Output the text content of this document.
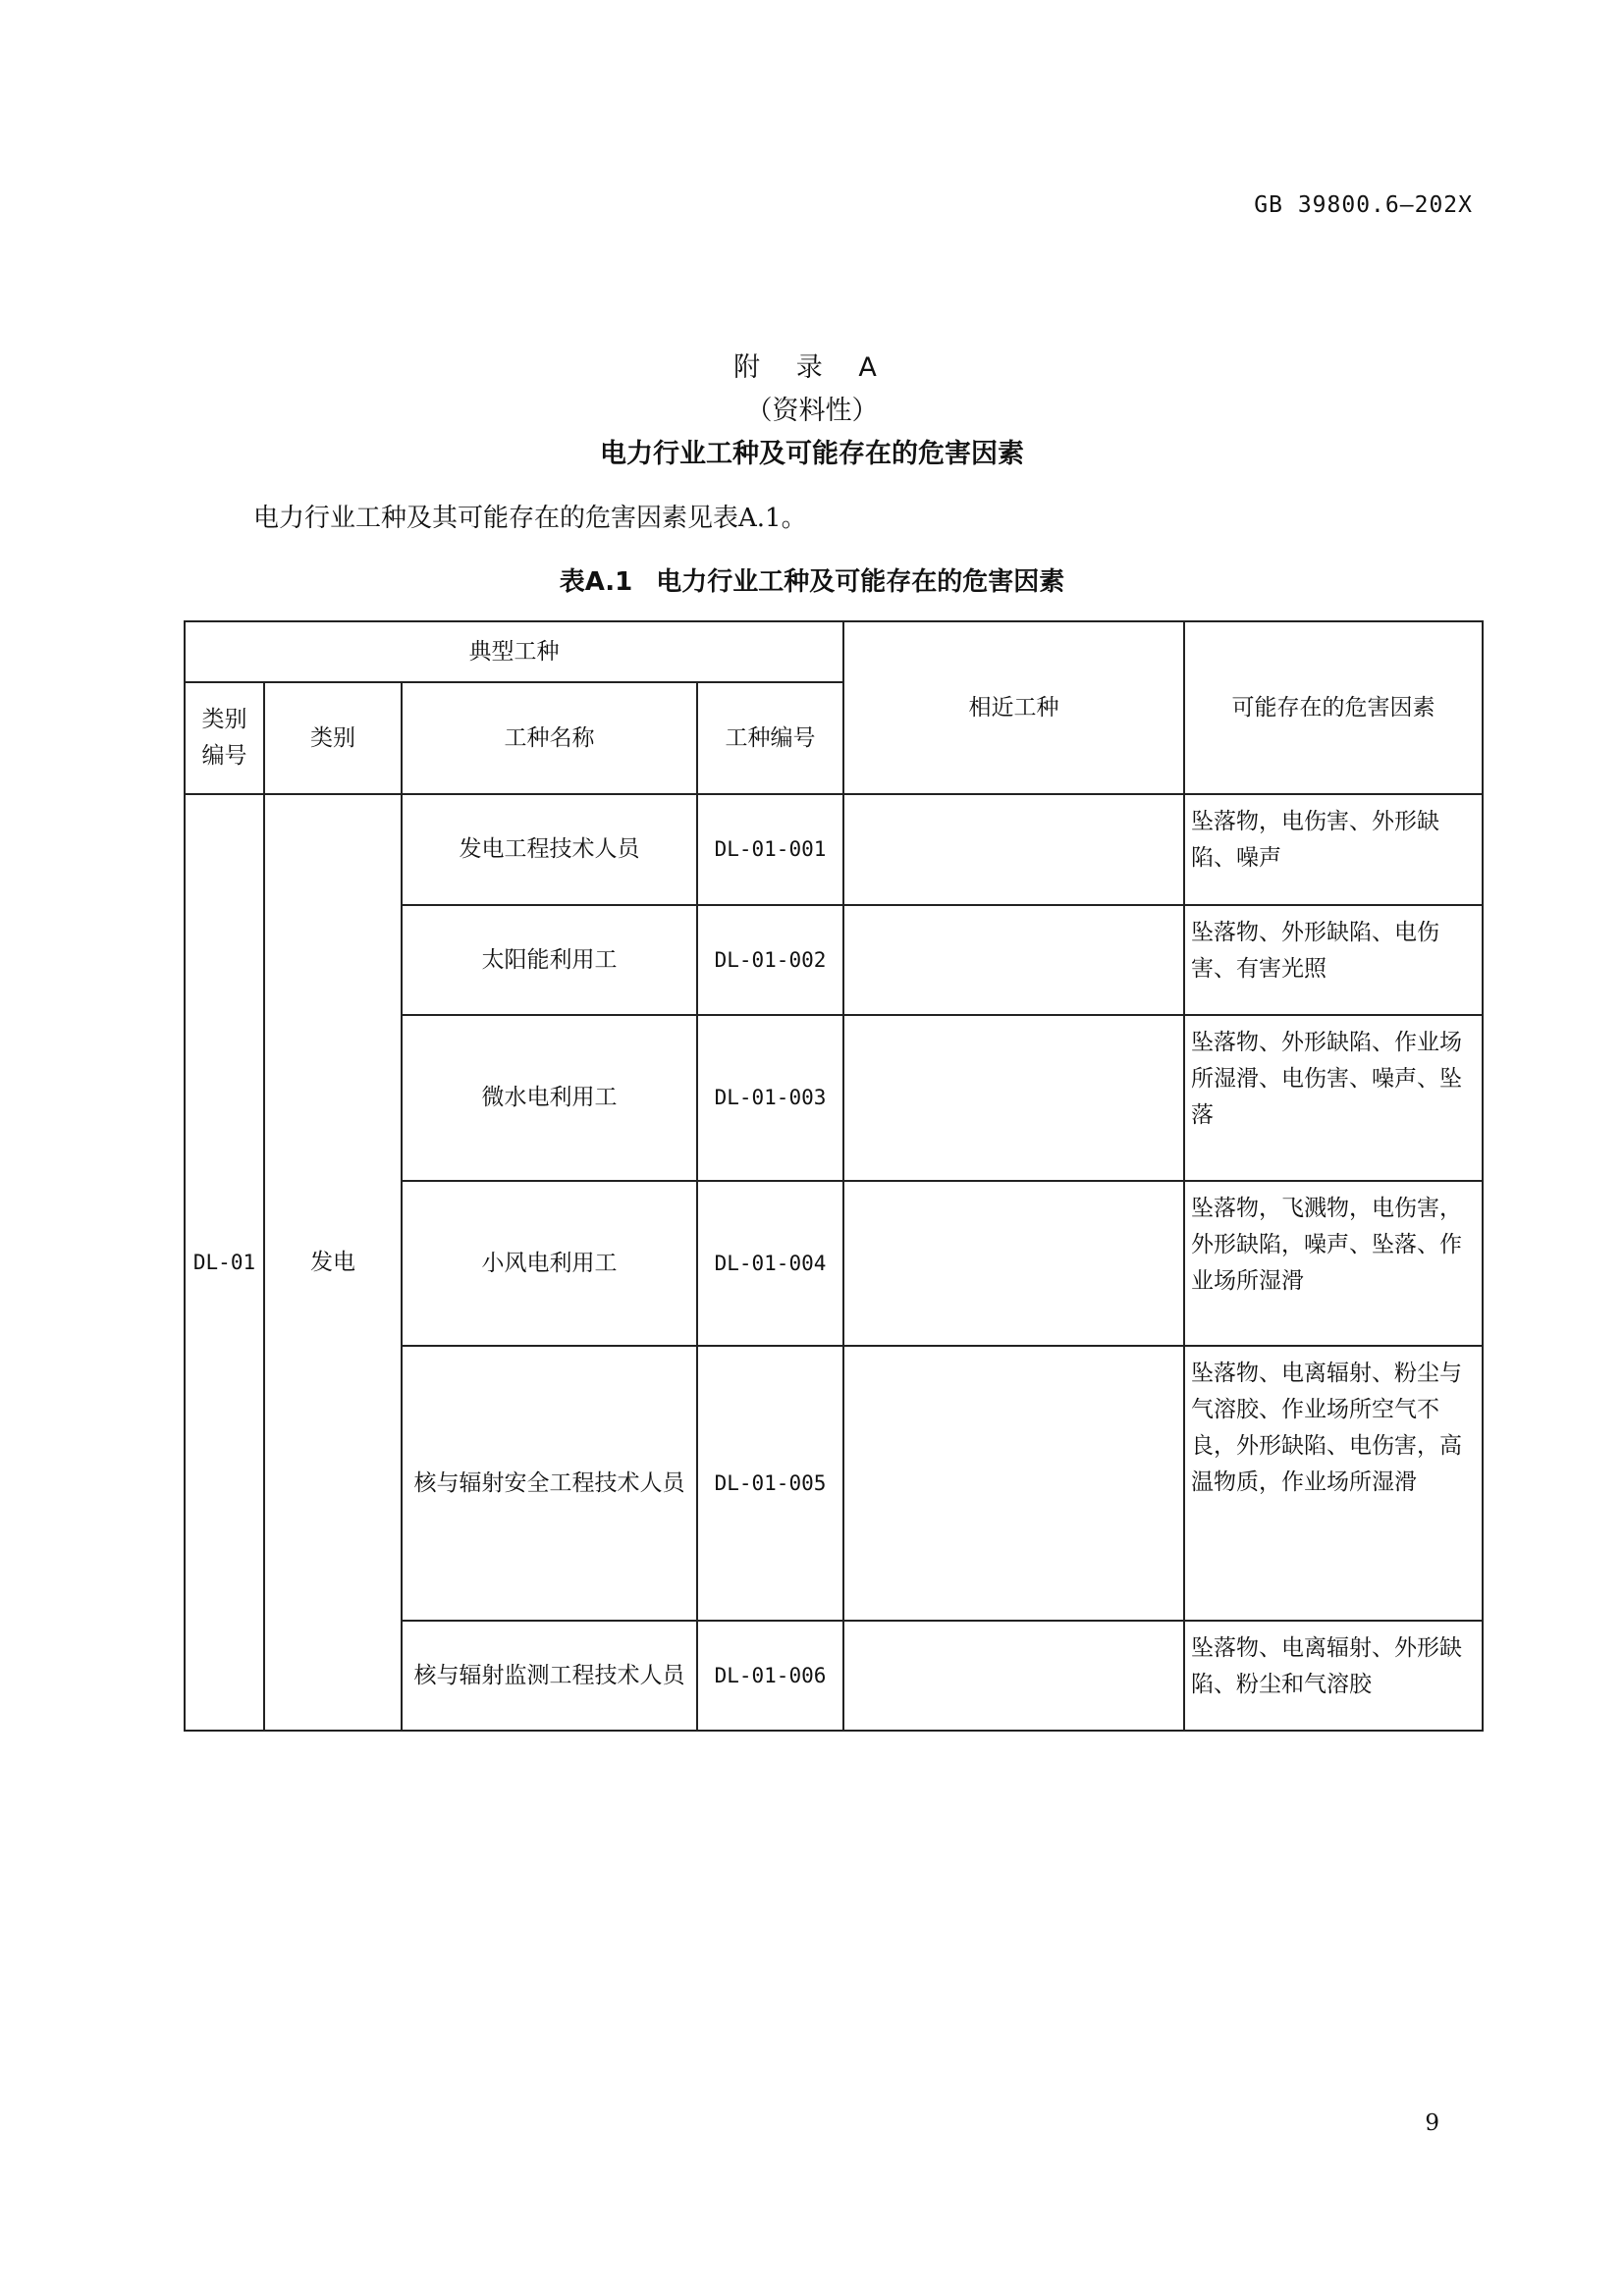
GB 39800.6—202X
附 录 A
（资料性）
电力行业工种及可能存在的危害因素
电力行业工种及其可能存在的危害因素见表A.1。
表A.1 电力行业工种及可能存在的危害因素
典型工种				相近工种	可能存在的危害因素
类别编号	类别	工种名称	工种编号		
DL-01	发电	发电工程技术人员	DL-01-001		坠落物，电伤害、外形缺陷、噪声
		太阳能利用工	DL-01-002		坠落物、外形缺陷、电伤害、有害光照
		微水电利用工	DL-01-003		坠落物、外形缺陷、作业场所湿滑、电伤害、噪声、坠落
		小风电利用工	DL-01-004		坠落物，飞溅物，电伤害，外形缺陷，噪声、坠落、作业场所湿滑
		核与辐射安全工程技术人员	DL-01-005		坠落物、电离辐射、粉尘与气溶胶、作业场所空气不良，外形缺陷、电伤害，高温物质，作业场所湿滑
		核与辐射监测工程技术人员	DL-01-006		坠落物、电离辐射、外形缺陷、粉尘和气溶胶
9
